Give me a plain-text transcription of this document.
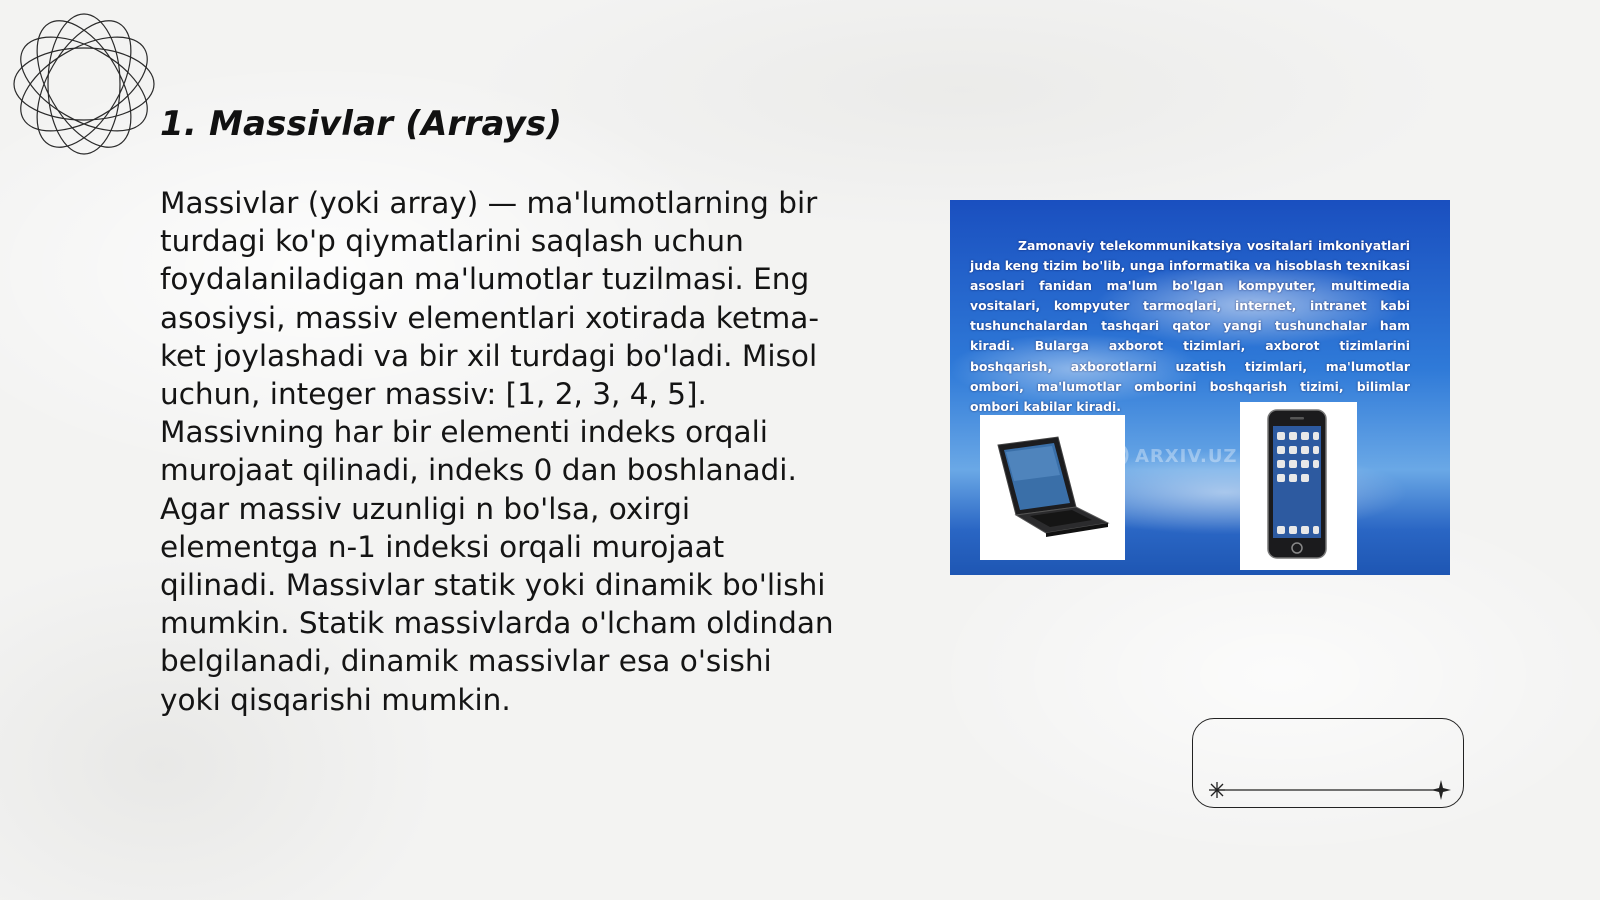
1. Massivlar (Arrays)
Massivlar (yoki array) — ma'lumotlarning bir
turdagi ko'p qiymatlarini saqlash uchun
foydalaniladigan ma'lumotlar tuzilmasi. Eng
asosiysi, massiv elementlari xotirada ketma-
ket joylashadi va bir xil turdagi bo'ladi. Misol
uchun, integer massiv: [1, 2, 3, 4, 5].
Massivning har bir elementi indeks orqali
murojaat qilinadi, indeks 0 dan boshlanadi.
Agar massiv uzunligi n bo'lsa, oxirgi
elementga n-1 indeksi orqali murojaat
qilinadi. Massivlar statik yoki dinamik bo'lishi
mumkin. Statik massivlarda o'lcham oldindan
belgilanadi, dinamik massivlar esa o'sishi
yoki qisqarishi mumkin.
Zamonaviy telekommunikatsiya vositalari imkoniyatlari juda keng tizim bo'lib, unga informatika va hisoblash texnikasi asoslari fanidan ma'lum bo'lgan kompyuter, multimedia vositalari, kompyuter tarmoqlari, internet, intranet kabi tushunchalardan tashqari qator yangi tushunchalar ham kiradi. Bularga axborot tizimlari, axborot tizimlarini boshqarish, axborotlarni uzatish tizimlari, ma'lumotlar ombori, ma'lumotlar omborini boshqarish tizimi, bilimlar ombori kabilar kiradi.
ARXIV.UZ
